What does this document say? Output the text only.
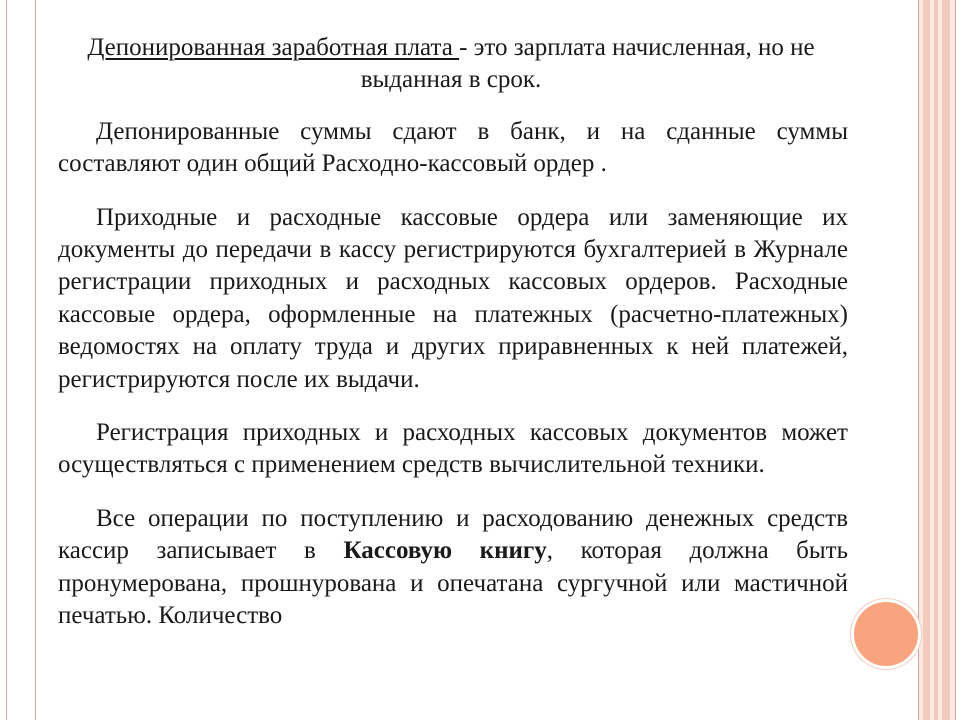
Депонированная заработная плата - это зарплата начисленная, но не выданная в срок.

Депонированные суммы сдают в банк, и на сданные суммы составляют один общий Расходно-кассовый ордер .

Приходные и расходные кассовые ордера или заменяющие их документы до передачи в кассу регистрируются бухгалтерией в Журнале регистрации приходных и расходных кассовых ордеров. Расходные кассовые ордера, оформленные на платежных (расчетно-платежных) ведомостях на оплату труда и других приравненных к ней платежей, регистрируются после их выдачи.

Регистрация приходных и расходных кассовых документов может осуществляться с применением средств вычислительной техники.

Все операции по поступлению и расходованию денежных средств кассир записывает в Кассовую книгу, которая должна быть пронумерована, прошнурована и опечатана сургучной или мастичной печатью. Количество
